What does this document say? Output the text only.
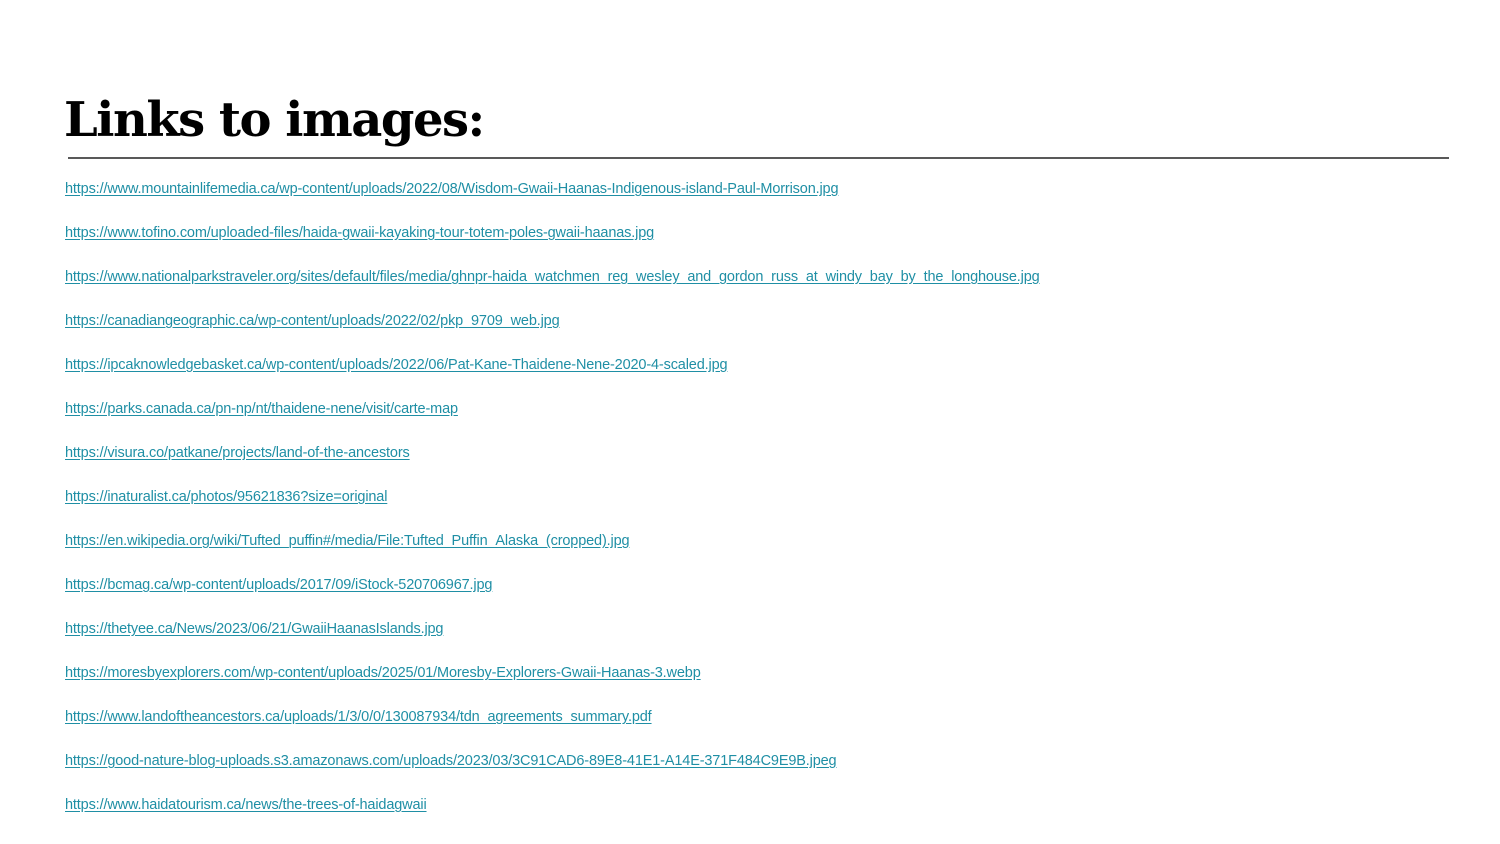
Links to images:
https://www.mountainlifemedia.ca/wp-content/uploads/2022/08/Wisdom-Gwaii-Haanas-Indigenous-island-Paul-Morrison.jpg
https://www.tofino.com/uploaded-files/haida-gwaii-kayaking-tour-totem-poles-gwaii-haanas.jpg
https://www.nationalparkstraveler.org/sites/default/files/media/ghnpr-haida_watchmen_reg_wesley_and_gordon_russ_at_windy_bay_by_the_longhouse.jpg
https://canadiangeographic.ca/wp-content/uploads/2022/02/pkp_9709_web.jpg
https://ipcaknowledgebasket.ca/wp-content/uploads/2022/06/Pat-Kane-Thaidene-Nene-2020-4-scaled.jpg
https://parks.canada.ca/pn-np/nt/thaidene-nene/visit/carte-map
https://visura.co/patkane/projects/land-of-the-ancestors
https://inaturalist.ca/photos/95621836?size=original
https://en.wikipedia.org/wiki/Tufted_puffin#/media/File:Tufted_Puffin_Alaska_(cropped).jpg
https://bcmag.ca/wp-content/uploads/2017/09/iStock-520706967.jpg
https://thetyee.ca/News/2023/06/21/GwaiiHaanasIslands.jpg
https://moresbyexplorers.com/wp-content/uploads/2025/01/Moresby-Explorers-Gwaii-Haanas-3.webp
https://www.landoftheancestors.ca/uploads/1/3/0/0/130087934/tdn_agreements_summary.pdf
https://good-nature-blog-uploads.s3.amazonaws.com/uploads/2023/03/3C91CAD6-89E8-41E1-A14E-371F484C9E9B.jpeg
https://www.haidatourism.ca/news/the-trees-of-haidagwaii
